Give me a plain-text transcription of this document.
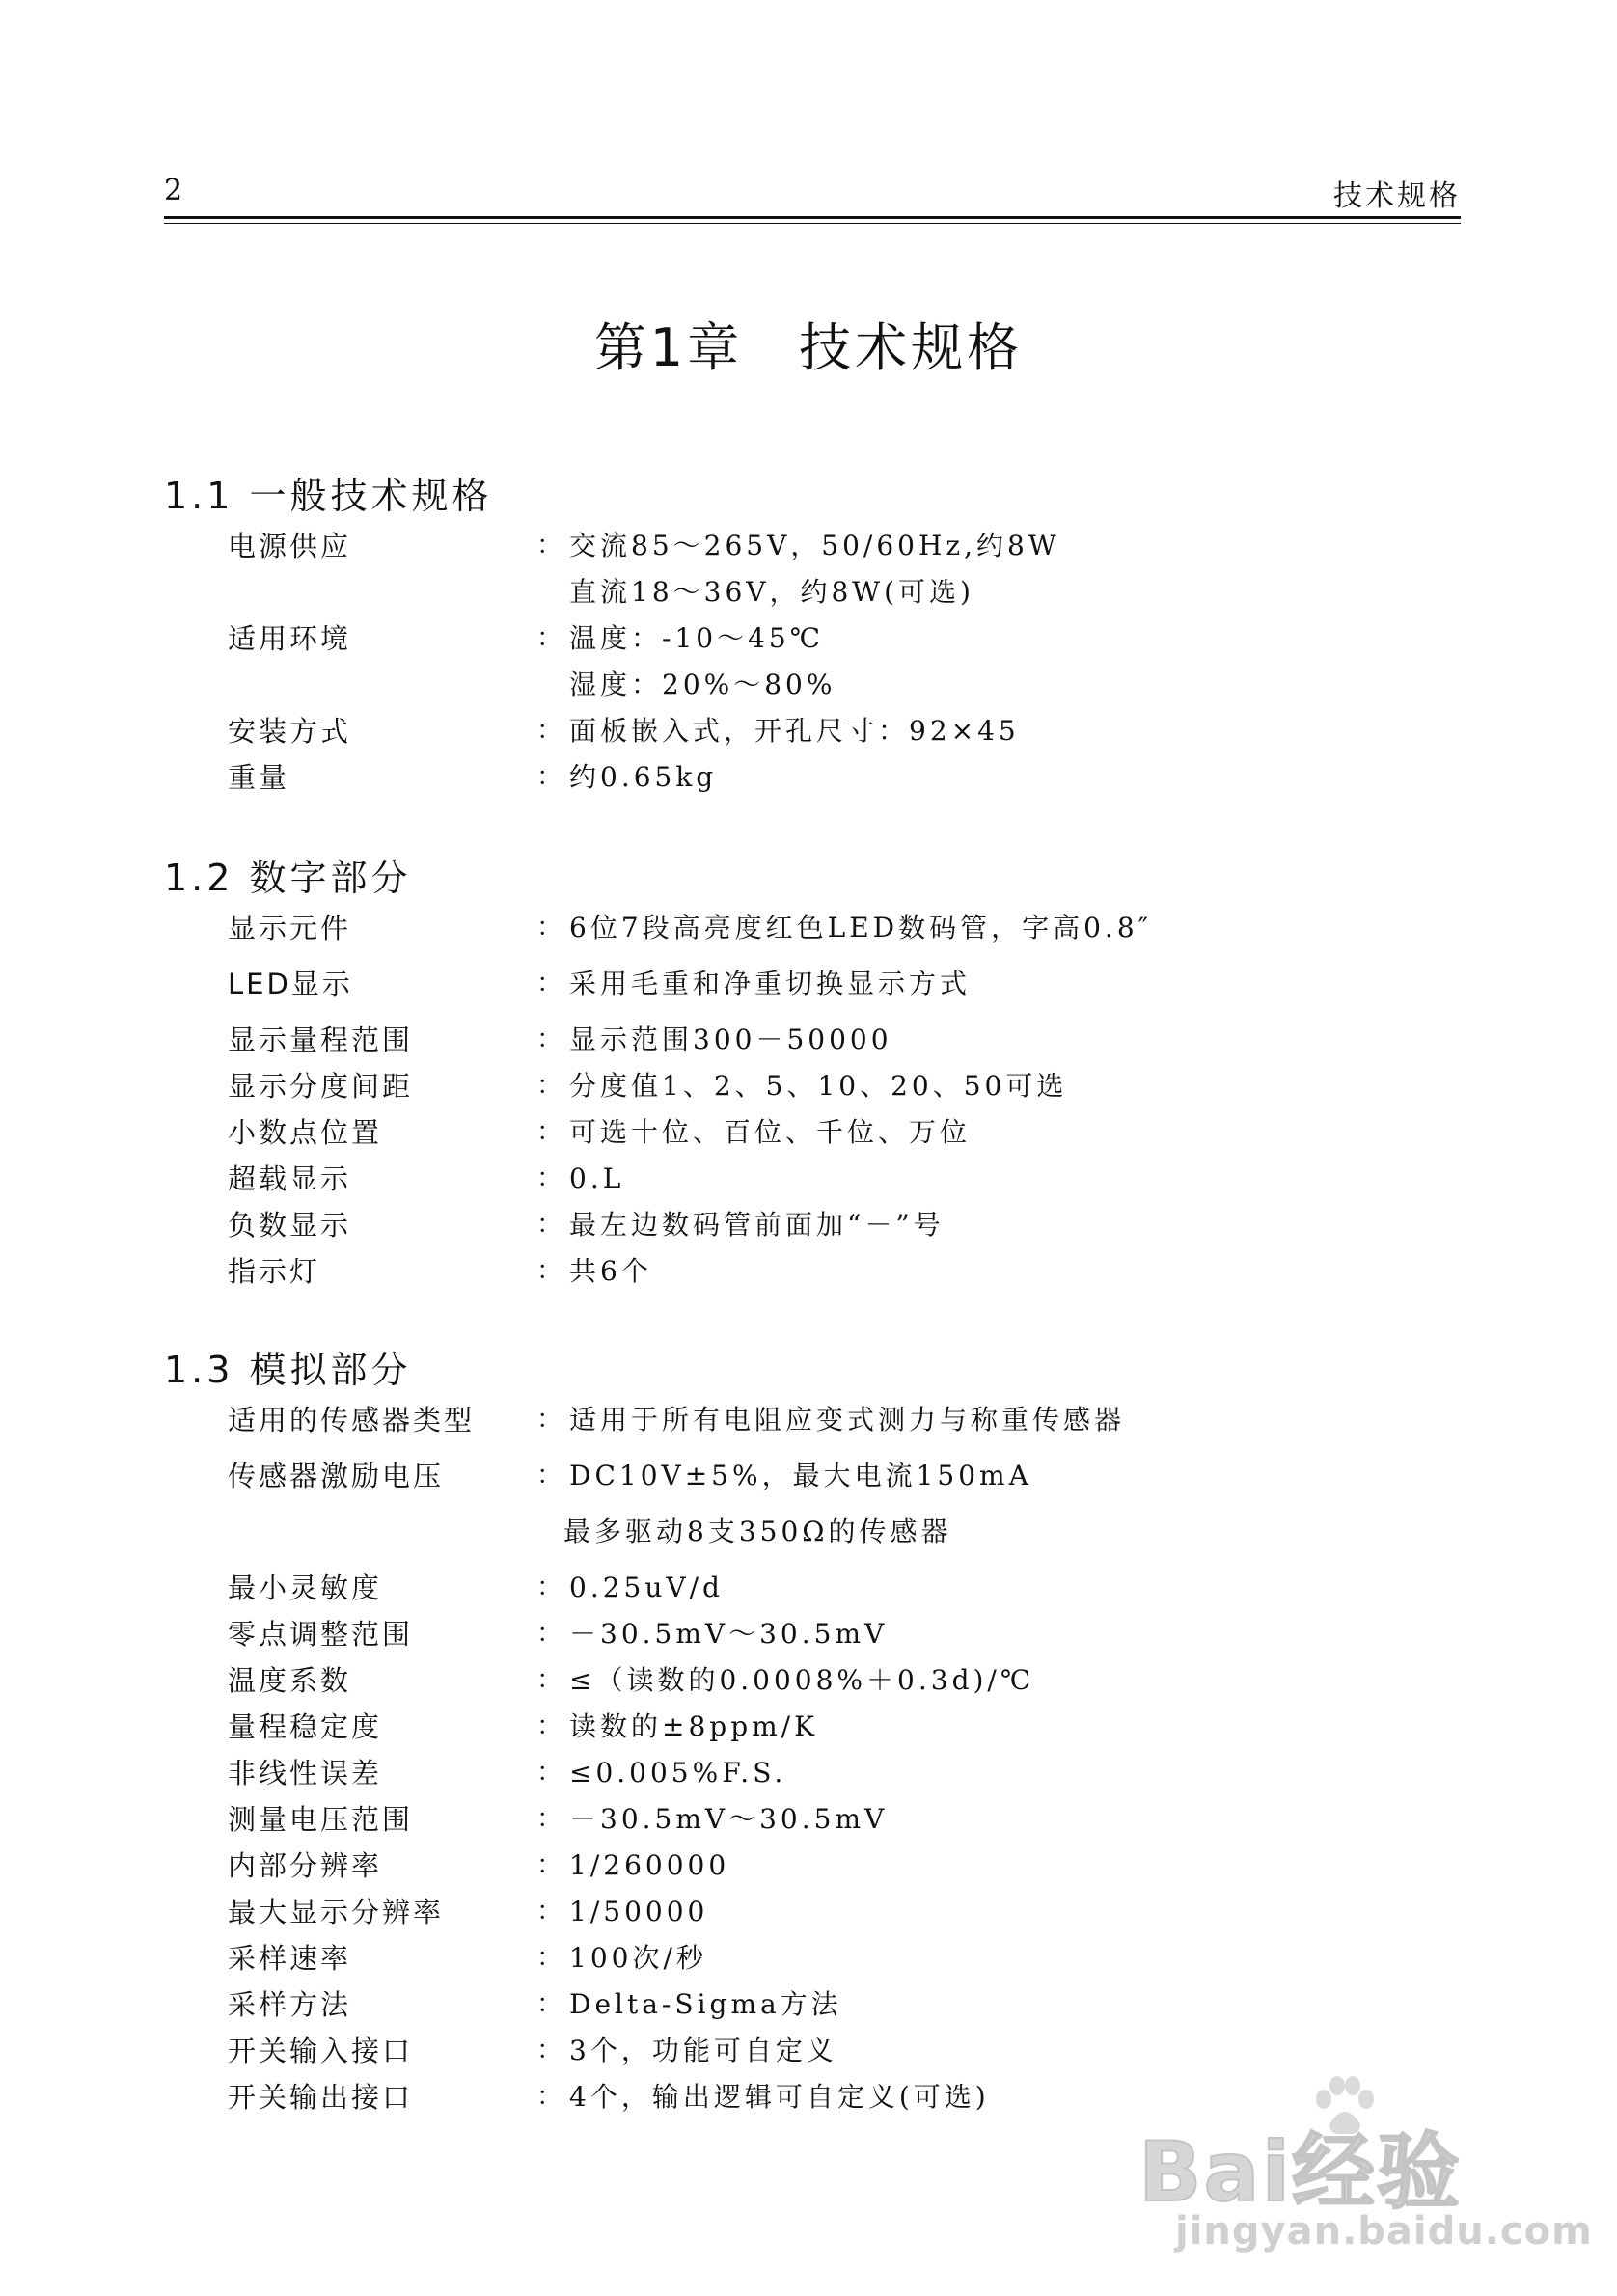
2	技术规格
第1章　技术规格
1.1 一般技术规格
电源供应	： 交流85～265V，50/60Hz,约8W
直流18～36V，约8W(可选)
适用环境	： 温度：-10～45℃
湿度：20%～80%
安装方式	： 面板嵌入式，开孔尺寸：92×45
重量	： 约0.65kg
1.2 数字部分
显示元件	： 6位7段高亮度红色LED数码管，字高0.8″
LED显示	： 采用毛重和净重切换显示方式
显示量程范围	： 显示范围300－50000
显示分度间距	： 分度值1、2、5、10、20、50可选
小数点位置	： 可选十位、百位、千位、万位
超载显示	： 0.L
负数显示	： 最左边数码管前面加“－”号
指示灯	： 共6个
1.3 模拟部分
适用的传感器类型 ： 适用于所有电阻应变式测力与称重传感器
传感器激励电压	： DC10V±5%，最大电流150mA
最多驱动8支350Ω的传感器
最小灵敏度	： 0.25uV/d
零点调整范围	： －30.5mV～30.5mV
温度系数	： ≤（读数的0.0008%＋0.3d)/℃
量程稳定度	： 读数的±8ppm/K
非线性误差	： ≤0.005%F.S.
测量电压范围	： －30.5mV～30.5mV
内部分辨率	： 1/260000
最大显示分辨率	： 1/50000
采样速率	： 100次/秒
采样方法	： Delta-Sigma方法
开关输入接口	： 3个，功能可自定义
开关输出接口	： 4个，输出逻辑可自定义(可选)
Bai经验
jingyan.baidu.com
